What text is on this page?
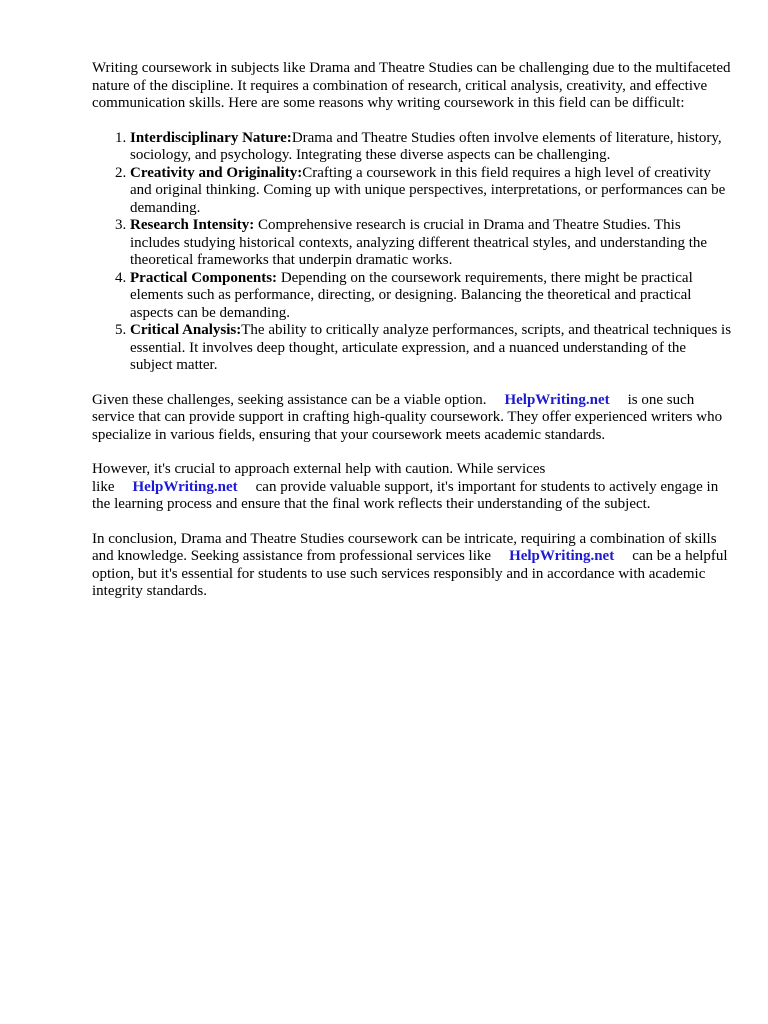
Writing coursework in subjects like Drama and Theatre Studies can be challenging due to the multifaceted nature of the discipline. It requires a combination of research, critical analysis, creativity, and effective communication skills. Here are some reasons why writing coursework in this field can be difficult:

1. Interdisciplinary Nature:Drama and Theatre Studies often involve elements of literature, history, sociology, and psychology. Integrating these diverse aspects can be challenging.
2. Creativity and Originality:Crafting a coursework in this field requires a high level of creativity and original thinking. Coming up with unique perspectives, interpretations, or performances can be demanding.
3. Research Intensity: Comprehensive research is crucial in Drama and Theatre Studies. This includes studying historical contexts, analyzing different theatrical styles, and understanding the theoretical frameworks that underpin dramatic works.
4. Practical Components: Depending on the coursework requirements, there might be practical elements such as performance, directing, or designing. Balancing the theoretical and practical aspects can be demanding.
5. Critical Analysis:The ability to critically analyze performances, scripts, and theatrical techniques is essential. It involves deep thought, articulate expression, and a nuanced understanding of the subject matter.

Given these challenges, seeking assistance can be a viable option. HelpWriting.net is one such service that can provide support in crafting high-quality coursework. They offer experienced writers who specialize in various fields, ensuring that your coursework meets academic standards.

However, it's crucial to approach external help with caution. While services like HelpWriting.net can provide valuable support, it's important for students to actively engage in the learning process and ensure that the final work reflects their understanding of the subject.

In conclusion, Drama and Theatre Studies coursework can be intricate, requiring a combination of skills and knowledge. Seeking assistance from professional services like HelpWriting.net can be a helpful option, but it's essential for students to use such services responsibly and in accordance with academic integrity standards.
